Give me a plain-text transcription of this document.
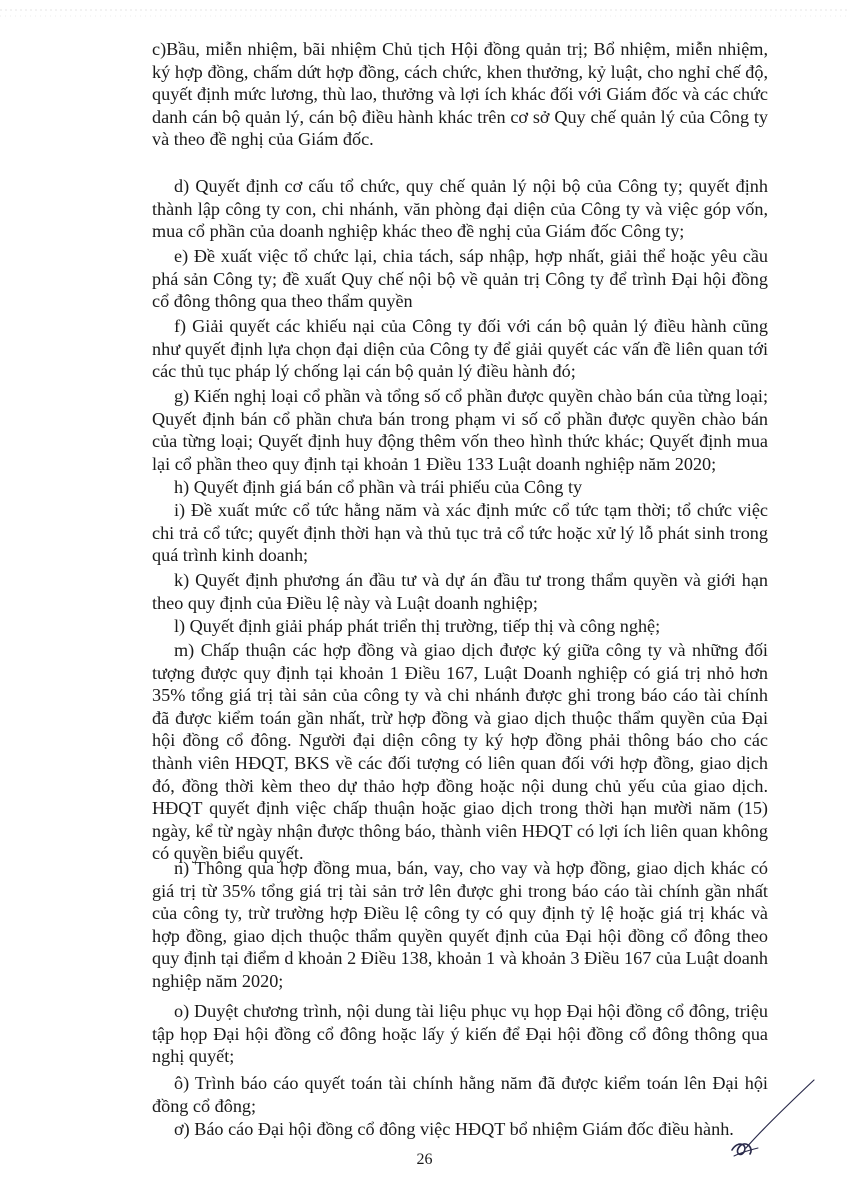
c)Bầu, miễn nhiệm, bãi nhiệm Chủ tịch Hội đồng quản trị; Bổ nhiệm, miễn nhiệm, ký hợp đồng, chấm dứt hợp đồng, cách chức, khen thưởng, kỷ luật, cho nghỉ chế độ, quyết định mức lương, thù lao, thưởng và lợi ích khác đối với Giám đốc và các chức danh cán bộ quản lý, cán bộ điều hành khác trên cơ sở Quy chế quản lý của Công ty và theo đề nghị của Giám đốc.

d) Quyết định cơ cấu tổ chức, quy chế quản lý nội bộ của Công ty; quyết định thành lập công ty con, chi nhánh, văn phòng đại diện của Công ty và việc góp vốn, mua cổ phần của doanh nghiệp khác theo đề nghị của Giám đốc Công ty;

e) Đề xuất việc tổ chức lại, chia tách, sáp nhập, hợp nhất, giải thể hoặc yêu cầu phá sản Công ty; đề xuất Quy chế nội bộ về quản trị Công ty để trình Đại hội đồng cổ đông thông qua theo thẩm quyền

f) Giải quyết các khiếu nại của Công ty đối với cán bộ quản lý điều hành cũng như quyết định lựa chọn đại diện của Công ty để giải quyết các vấn đề liên quan tới các thủ tục pháp lý chống lại cán bộ quản lý điều hành đó;

g) Kiến nghị loại cổ phần và tổng số cổ phần được quyền chào bán của từng loại; Quyết định bán cổ phần chưa bán trong phạm vi số cổ phần được quyền chào bán của từng loại; Quyết định huy động thêm vốn theo hình thức khác; Quyết định mua lại cổ phần theo quy định tại khoản 1 Điều 133 Luật doanh nghiệp năm 2020;

h) Quyết định giá bán cổ phần và trái phiếu của Công ty

i) Đề xuất mức cổ tức hằng năm và xác định mức cổ tức tạm thời; tổ chức việc chi trả cổ tức; quyết định thời hạn và thủ tục trả cổ tức hoặc xử lý lỗ phát sinh trong quá trình kinh doanh;

k) Quyết định phương án đầu tư và dự án đầu tư trong thẩm quyền và giới hạn theo quy định của Điều lệ này và Luật doanh nghiệp;

l) Quyết định giải pháp phát triển thị trường, tiếp thị và công nghệ;

m) Chấp thuận các hợp đồng và giao dịch được ký giữa công ty và những đối tượng được quy định tại khoản 1 Điều 167, Luật Doanh nghiệp có giá trị nhỏ hơn 35% tổng giá trị tài sản của công ty và chi nhánh được ghi trong báo cáo tài chính đã được kiểm toán gần nhất, trừ hợp đồng và giao dịch thuộc thẩm quyền của Đại hội đồng cổ đông. Người đại diện công ty ký hợp đồng phải thông báo cho các thành viên HĐQT, BKS về các đối tượng có liên quan đối với hợp đồng, giao dịch đó, đồng thời kèm theo dự thảo hợp đồng hoặc nội dung chủ yếu của giao dịch. HĐQT quyết định việc chấp thuận hoặc giao dịch trong thời hạn mười năm (15) ngày, kể từ ngày nhận được thông báo, thành viên HĐQT có lợi ích liên quan không có quyền biểu quyết.

n) Thông qua hợp đồng mua, bán, vay, cho vay và hợp đồng, giao dịch khác có giá trị từ 35% tổng giá trị tài sản trở lên được ghi trong báo cáo tài chính gần nhất của công ty, trừ trường hợp Điều lệ công ty có quy định tỷ lệ hoặc giá trị khác và hợp đồng, giao dịch thuộc thẩm quyền quyết định của Đại hội đồng cổ đông theo quy định tại điểm d khoản 2 Điều 138, khoản 1 và khoản 3 Điều 167 của Luật doanh nghiệp năm 2020;

o) Duyệt chương trình, nội dung tài liệu phục vụ họp Đại hội đồng cổ đông, triệu tập họp Đại hội đồng cổ đông hoặc lấy ý kiến để Đại hội đồng cổ đông thông qua nghị quyết;

ô) Trình báo cáo quyết toán tài chính hằng năm đã được kiểm toán lên Đại hội đồng cổ đông;

ơ) Báo cáo Đại hội đồng cổ đông việc HĐQT bổ nhiệm Giám đốc điều hành.

26
